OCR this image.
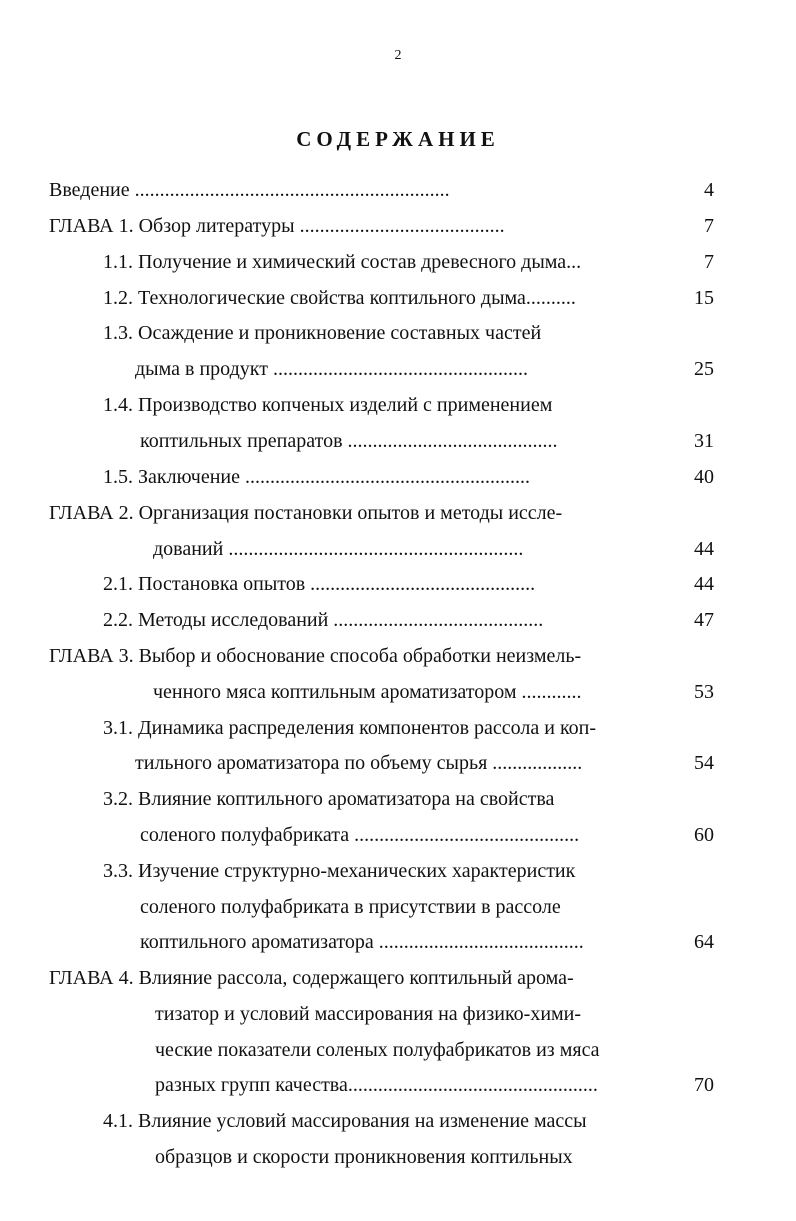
2
СОДЕРЖАНИЕ
Введение ...............................................................	4
ГЛАВА 1. Обзор литературы .........................................	7
1.1. Получение и химический состав древесного дыма...	7
1.2. Технологические свойства коптильного дыма..........	15
1.3. Осаждение и проникновение составных частей
дыма в продукт ...................................................	25
1.4. Производство копченых изделий с применением
коптильных препаратов ..........................................	31
1.5. Заключение .........................................................	40
ГЛАВА 2. Организация постановки опытов и методы иссле-
дований ...........................................................	44
2.1. Постановка опытов .............................................	44
2.2. Методы исследований ..........................................	47
ГЛАВА 3. Выбор и обоснование способа обработки неизмель-
ченного мяса коптильным ароматизатором ............	53
3.1. Динамика распределения компонентов рассола и коп-
тильного ароматизатора по объему сырья ..................	54
3.2. Влияние коптильного ароматизатора на свойства
соленого полуфабриката .............................................	60
3.3. Изучение структурно-механических характеристик
соленого полуфабриката в присутствии в рассоле
коптильного ароматизатора .........................................	64
ГЛАВА 4. Влияние рассола, содержащего коптильный арома-
тизатор и условий массирования на физико-хими-
ческие показатели соленых полуфабрикатов из мяса
разных групп качества..................................................	70
4.1. Влияние условий массирования на изменение массы
образцов и скорости проникновения коптильных
